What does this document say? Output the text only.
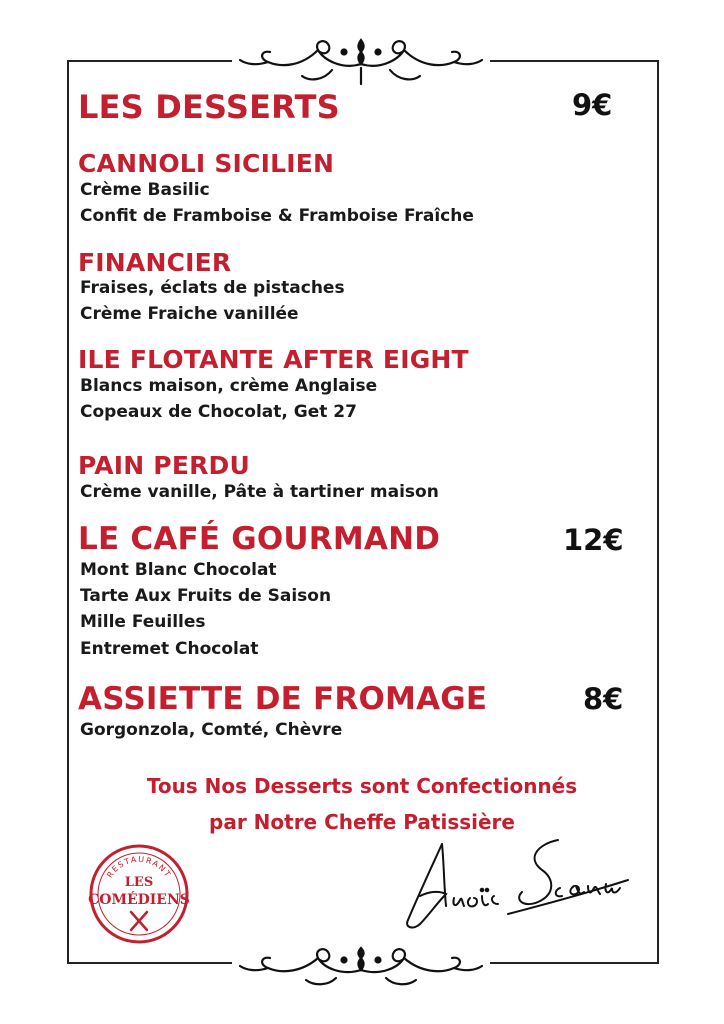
LES DESSERTS	9€

CANNOLI SICILIEN

Crème Basilic

Confit de Framboise & Framboise Fraîche

FINANCIER

Fraises, éclats de pistaches

Crème Fraiche vanillée

ILE FLOTANTE AFTER EIGHT

Blancs maison, crème Anglaise

Copeaux de Chocolat, Get 27

PAIN PERDU

Crème vanille, Pâte à tartiner maison

LE CAFÉ GOURMAND	12€

Mont Blanc Chocolat

Tarte Aux Fruits de Saison

Mille Feuilles

Entremet Chocolat

ASSIETTE DE FROMAGE	8€

Gorgonzola, Comté, Chèvre

Tous Nos Desserts sont Confectionnés

par Notre Cheffe Patissière

RESTAURANT
LES
COMÉDIENS
